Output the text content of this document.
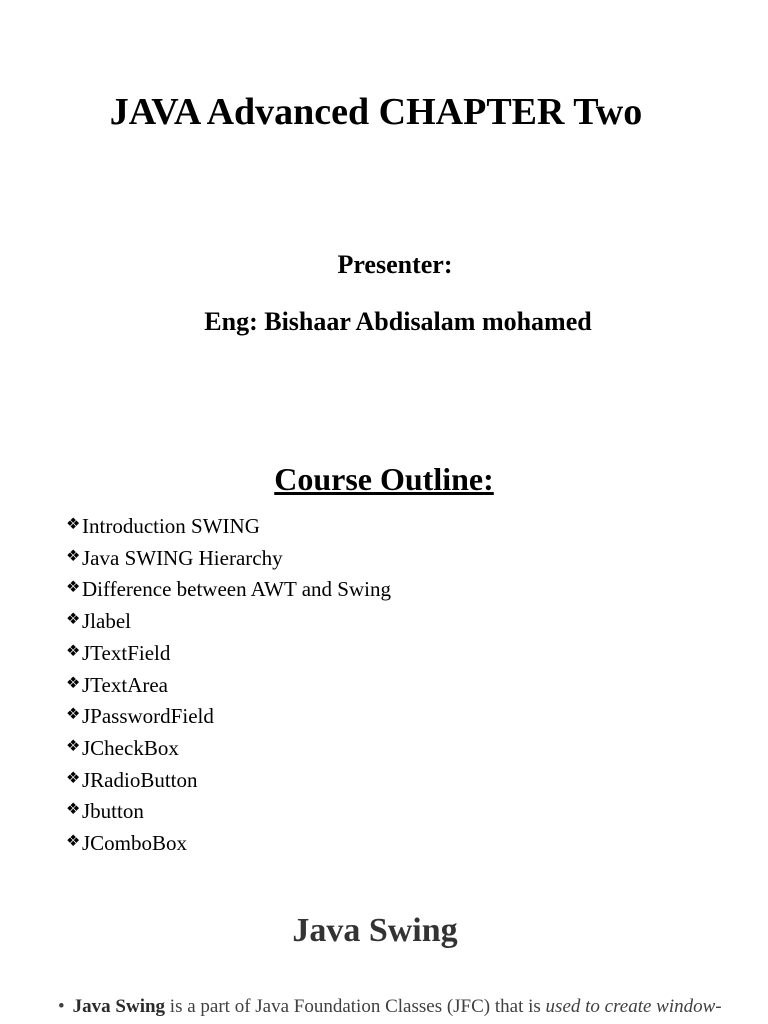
JAVA Advanced CHAPTER Two

Presenter:

Eng: Bishaar Abdisalam mohamed

Course Outline:
❖ Introduction SWING
❖ Java SWING Hierarchy
❖ Difference between AWT and Swing
❖ Jlabel
❖ JTextField
❖ JTextArea
❖ JPasswordField
❖ JCheckBox
❖ JRadioButton
❖ Jbutton
❖ JComboBox
Java Swing

• Java Swing is a part of Java Foundation Classes (JFC) that is used to create window-
